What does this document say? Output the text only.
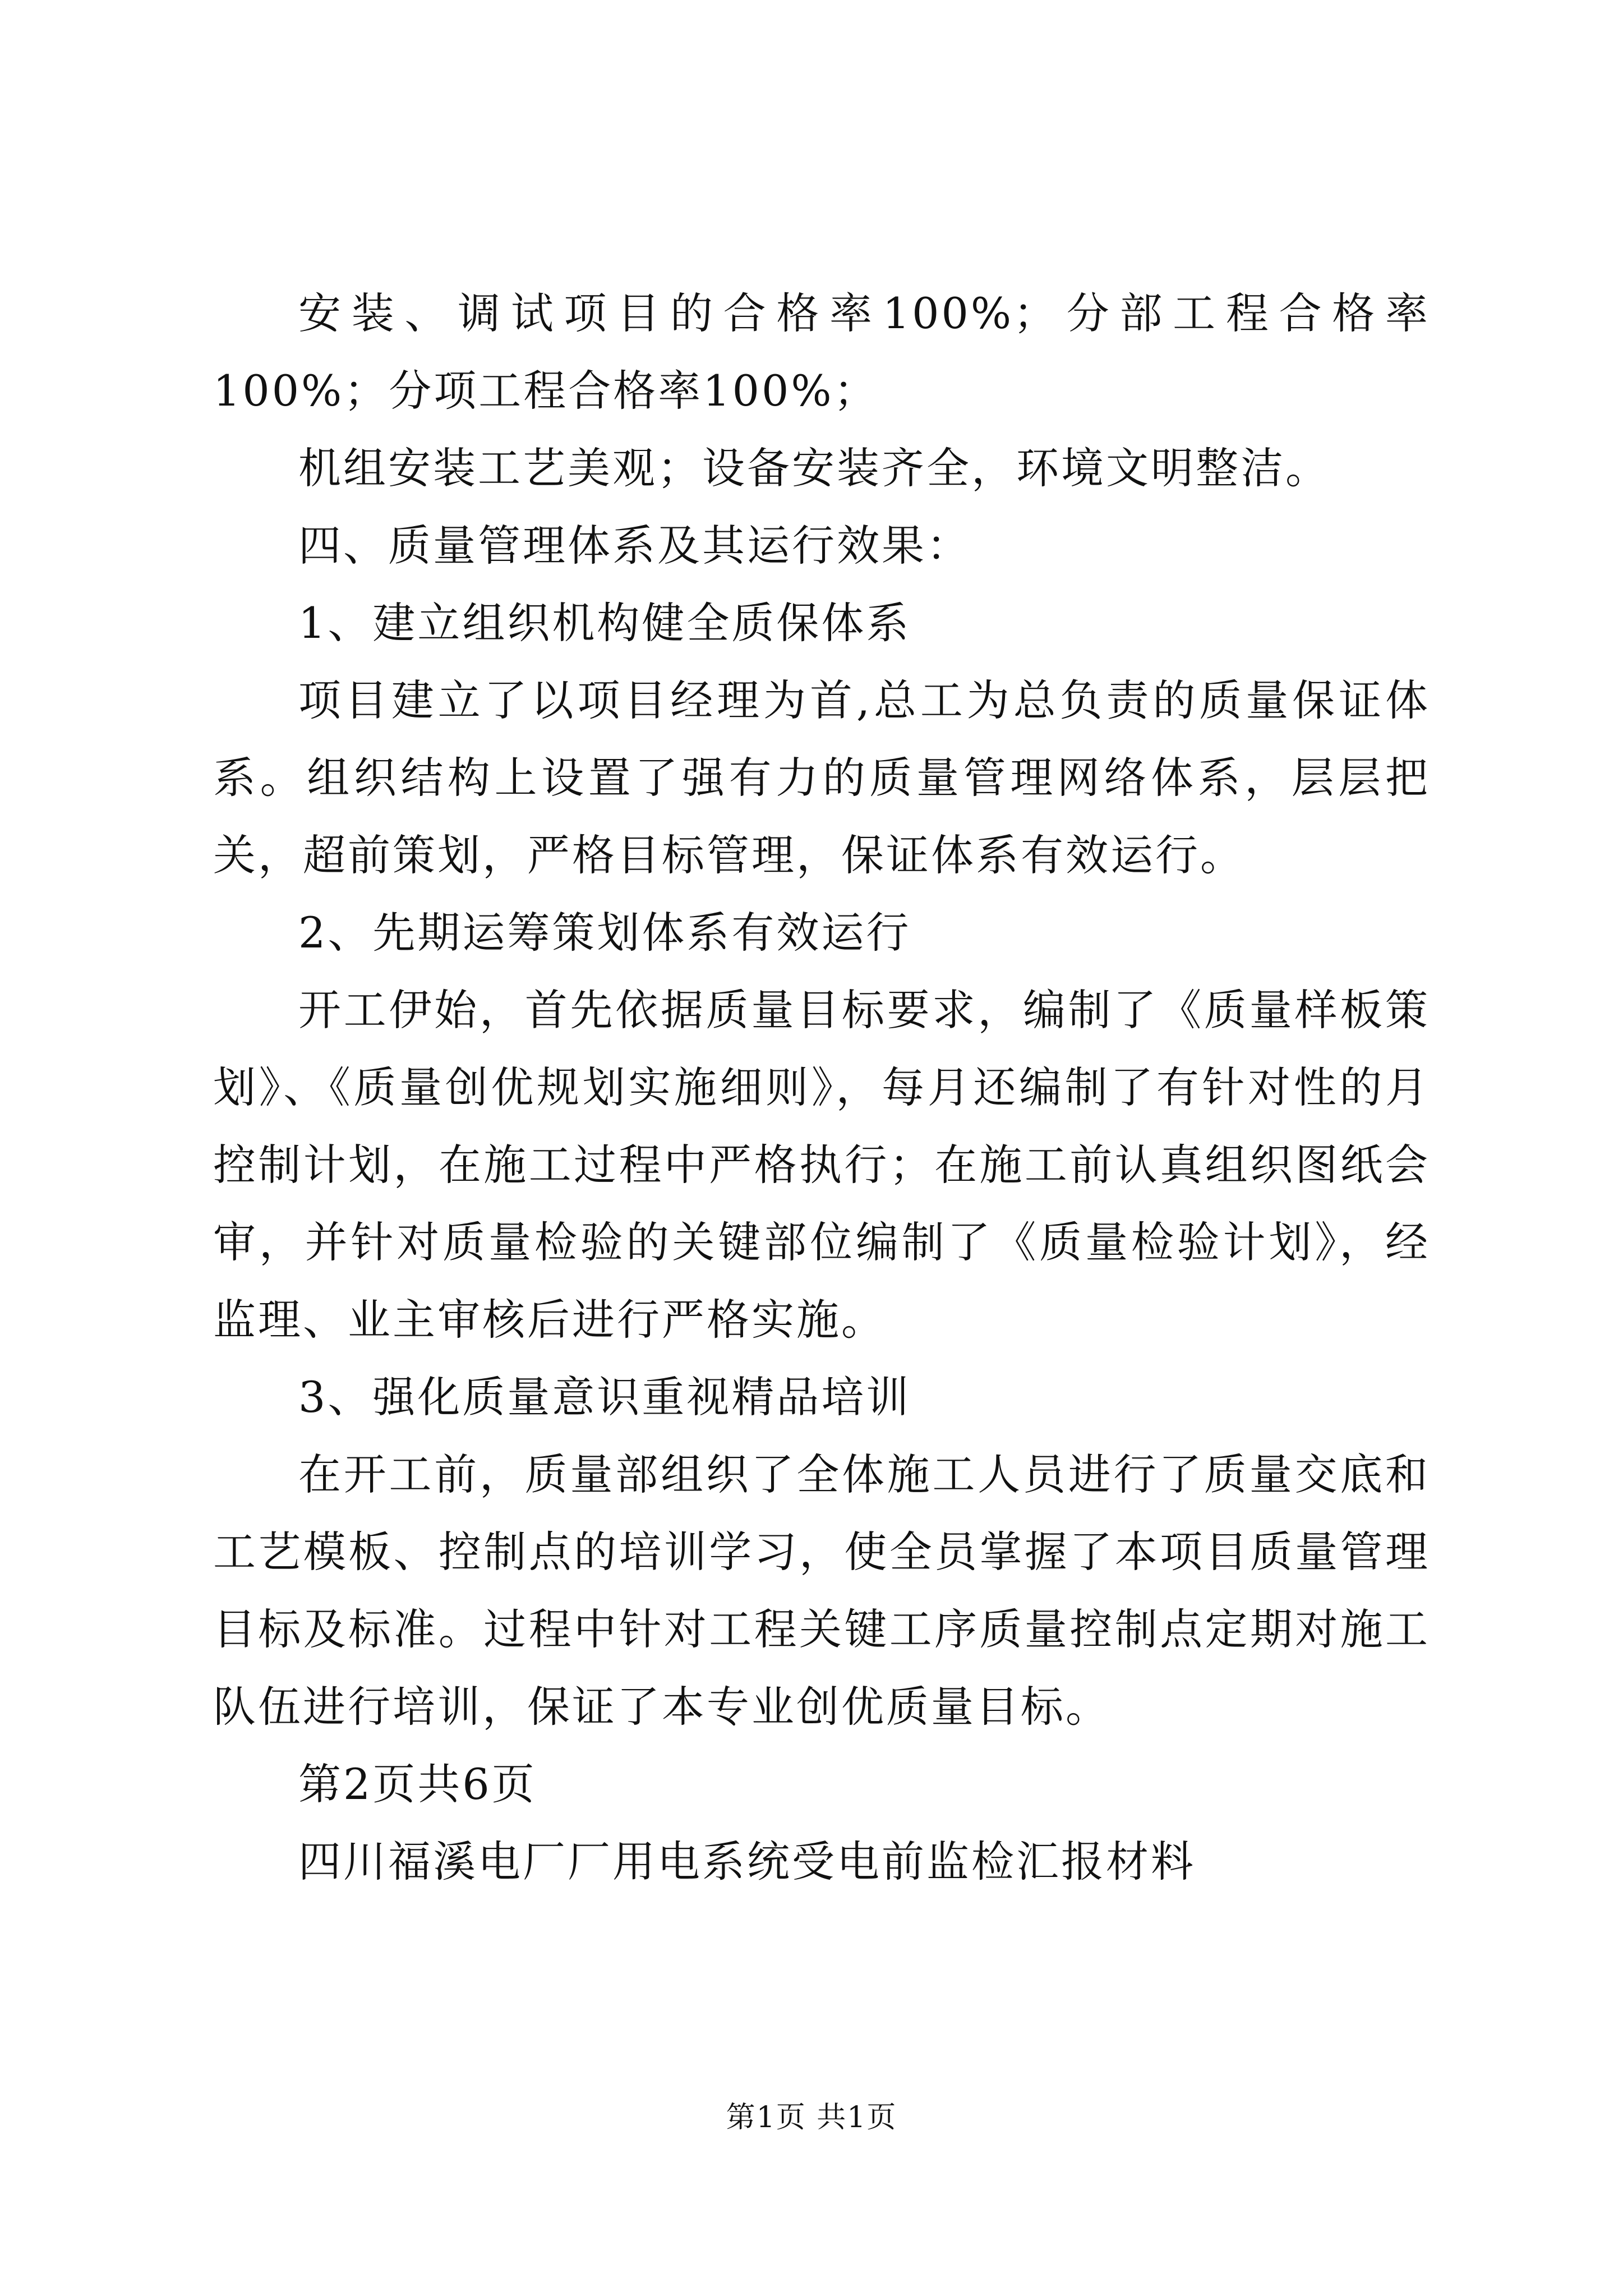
安装、调试项目的合格率100%；分部工程合格率100%；分项工程合格率100%；

机组安装工艺美观；设备安装齐全，环境文明整洁。

四、质量管理体系及其运行效果：

1、建立组织机构健全质保体系

项目建立了以项目经理为首,总工为总负责的质量保证体系。组织结构上设置了强有力的质量管理网络体系，层层把关，超前策划，严格目标管理，保证体系有效运行。

2、先期运筹策划体系有效运行

开工伊始，首先依据质量目标要求，编制了《质量样板策划》、《质量创优规划实施细则》，每月还编制了有针对性的月控制计划，在施工过程中严格执行；在施工前认真组织图纸会审，并针对质量检验的关键部位编制了《质量检验计划》，经监理、业主审核后进行严格实施。

3、强化质量意识重视精品培训

在开工前，质量部组织了全体施工人员进行了质量交底和工艺模板、控制点的培训学习，使全员掌握了本项目质量管理目标及标准。过程中针对工程关键工序质量控制点定期对施工队伍进行培训，保证了本专业创优质量目标。

第2页共6页

四川福溪电厂厂用电系统受电前监检汇报材料

第1页 共1页
